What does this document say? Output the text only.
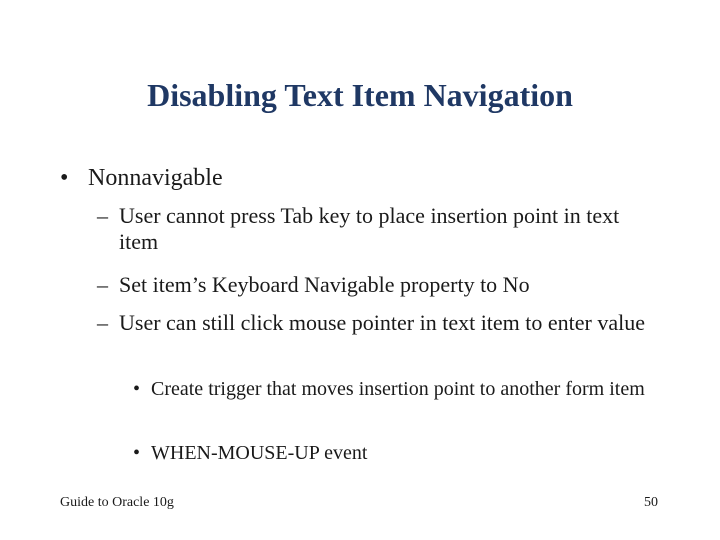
Disabling Text Item Navigation
• Nonnavigable
– User cannot press Tab key to place insertion point in text item
– Set item’s Keyboard Navigable property to No
– User can still click mouse pointer in text item to enter value
• Create trigger that moves insertion point to another form item
• WHEN-MOUSE-UP event
Guide to Oracle 10g	50
